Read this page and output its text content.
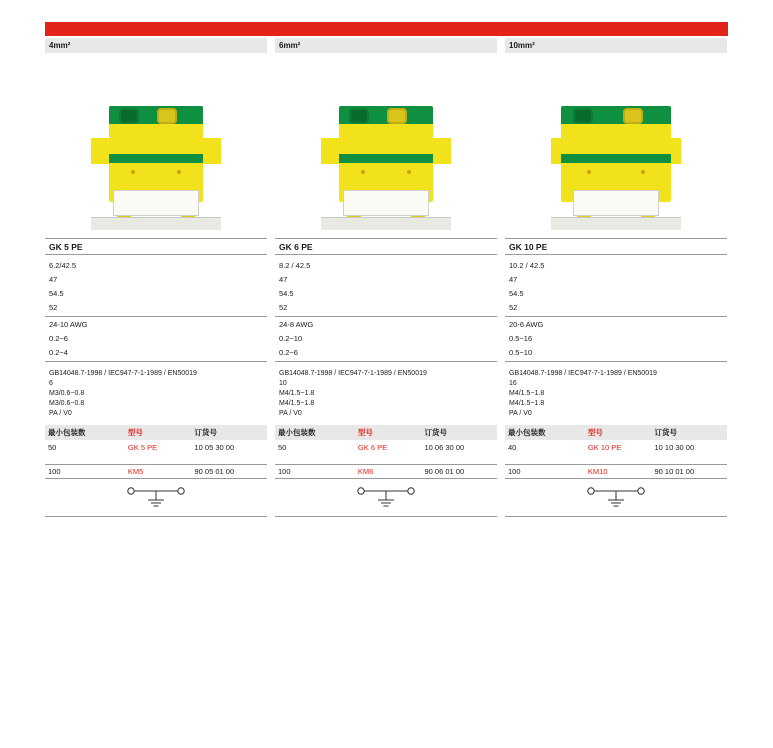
4mm²
GK 5 PE
6.2/42.5
47
54.5
52
24-10 AWG
0.2−6
0.2−4
GB14048.7-1998 / IEC947-7-1-1989 / EN50019
6
M3/0.6−0.8
M3/0.6−0.8
PA / V0
最小包装数	型号	订货号
50	GK 5 PE	10 05 30 00

100	KM5	90 05 01 00
6mm²
GK 6 PE
8.2 / 42.5
47
54.5
52
24-8 AWG
0.2−10
0.2−6
GB14048.7-1998 / IEC947-7-1-1989 / EN50019
10
M4/1.5−1.8
M4/1.5−1.8
PA / V0
最小包装数	型号	订货号
50	GK 6 PE	10 06 30 00

100	KM6	90 06 01 00
10mm²
GK 10 PE
10.2 / 42.5
47
54.5
52
20-6 AWG
0.5−16
0.5−10
GB14048.7-1998 / IEC947-7-1-1989 / EN50019
16
M4/1.5−1.8
M4/1.5−1.8
PA / V0
最小包装数	型号	订货号
40	GK 10 PE	10 10 30 00

100	KM10	90 10 01 00
